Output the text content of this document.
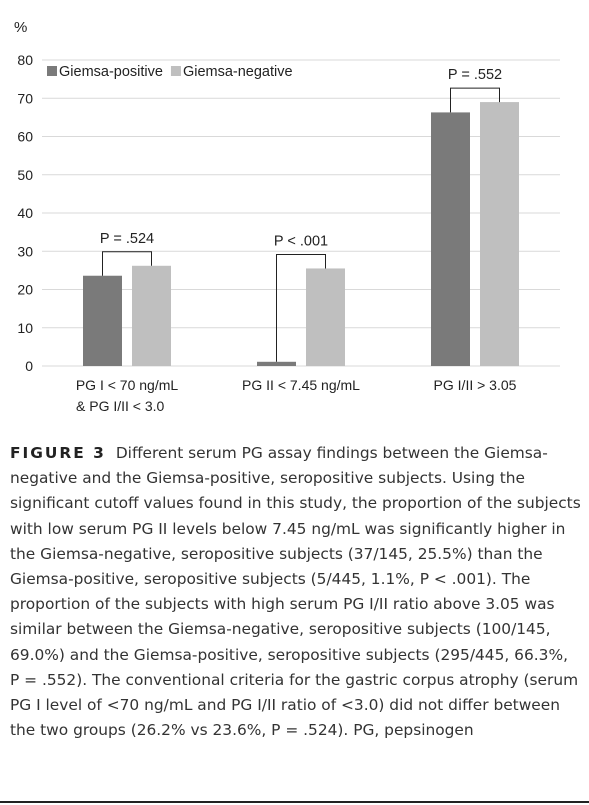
%
0
10
20
30
40
50
60
70
80
P = .524	P < .001
P = .552
PG I < 70 ng/mL
& PG I/II < 3.0
PG II < 7.45 ng/mL	PG I/II > 3.05
Giemsa-positive Giemsa-negative
FIGURE 3 Different serum PG assay findings between the Giemsa-negative and the Giemsa-positive, seropositive subjects. Using the significant cutoff values found in this study, the proportion of the subjects with low serum PG II levels below 7.45 ng/mL was significantly higher in the Giemsa-negative, seropositive subjects (37/145, 25.5%) than the Giemsa-positive, seropositive subjects (5/445, 1.1%, P < .001). The proportion of the subjects with high serum PG I/II ratio above 3.05 was similar between the Giemsa-negative, seropositive subjects (100/145, 69.0%) and the Giemsa-positive, seropositive subjects (295/445, 66.3%, P = .552). The conventional criteria for the gastric corpus atrophy (serum PG I level of <70 ng/mL and PG I/II ratio of <3.0) did not differ between the two groups (26.2% vs 23.6%, P = .524). PG, pepsinogen
